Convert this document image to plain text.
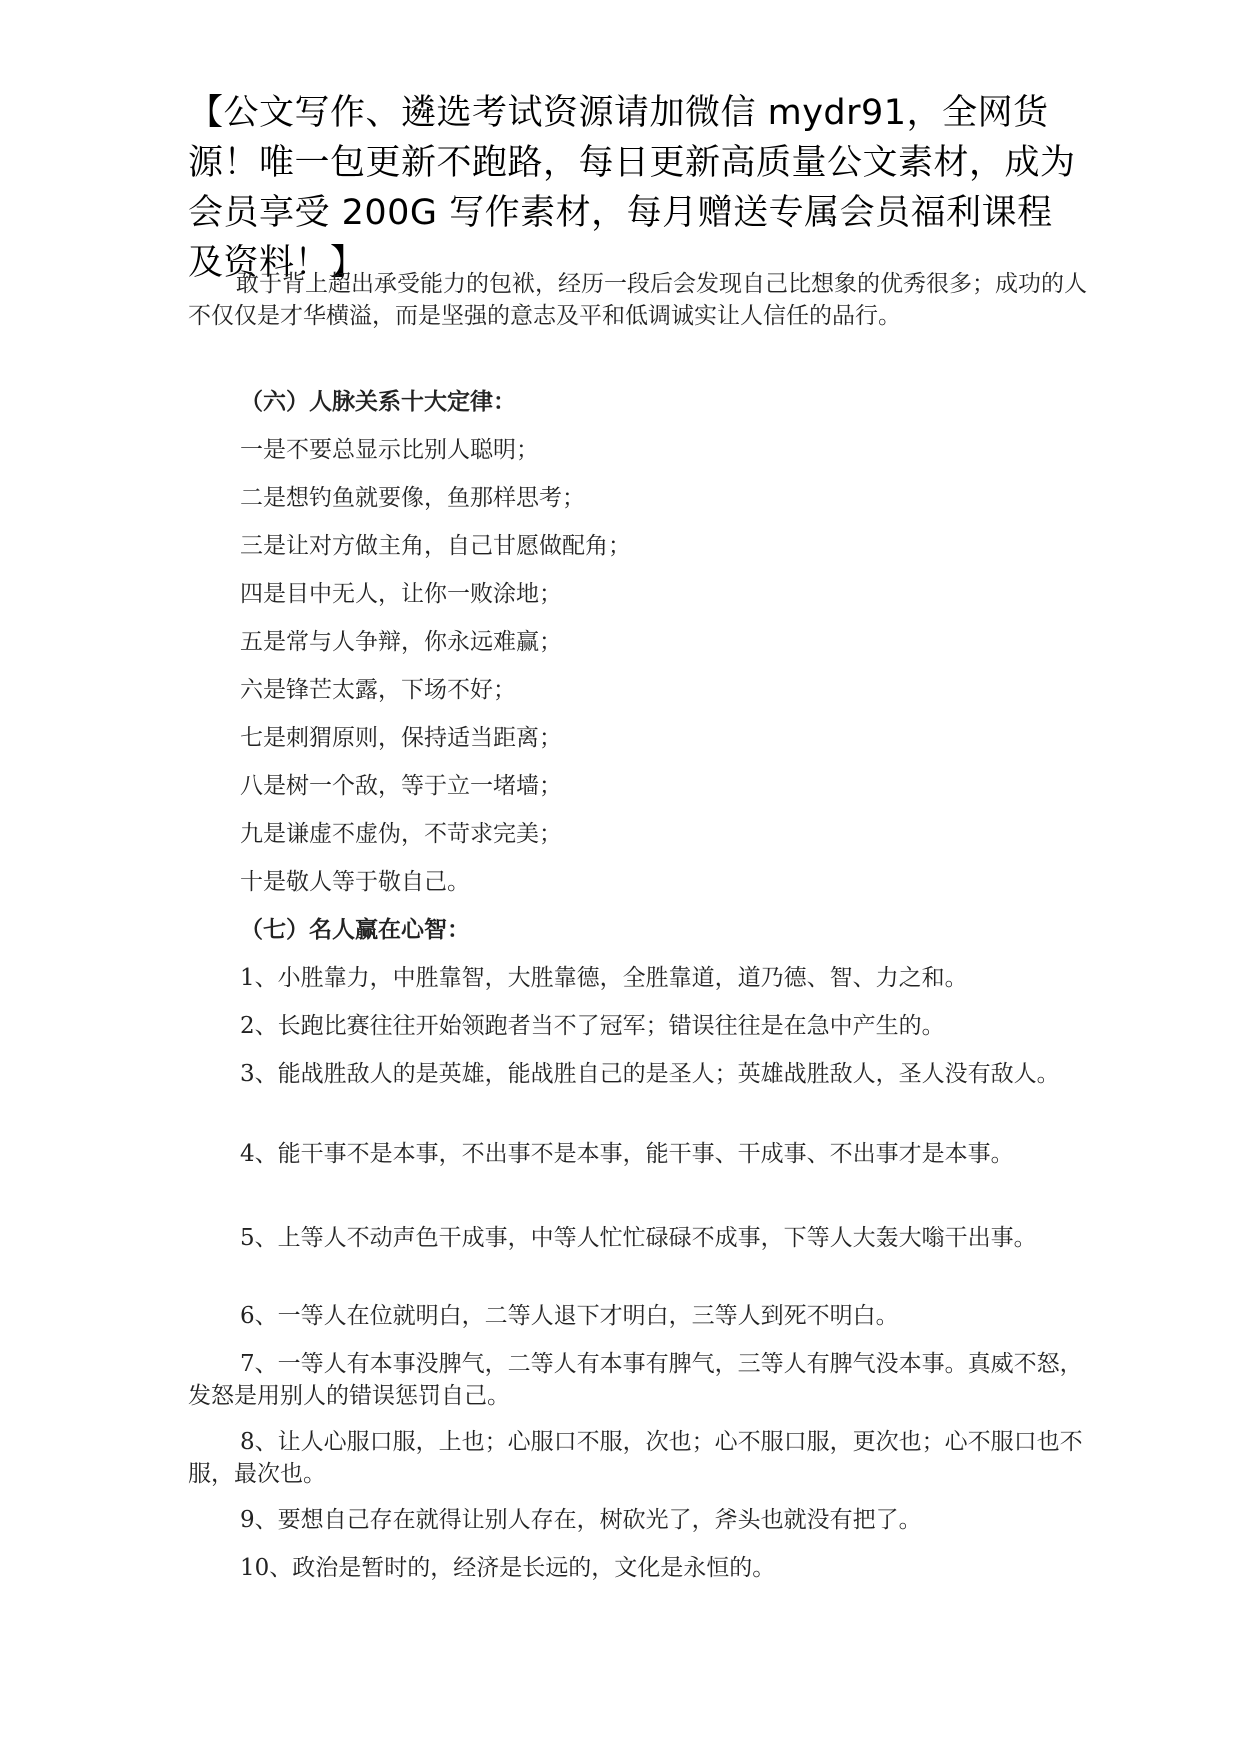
【公文写作、遴选考试资源请加微信 mydr91，全网货源！唯一包更新不跑路，每日更新高质量公文素材，成为会员享受 200G 写作素材，每月赠送专属会员福利课程及资料！】
敢于背上超出承受能力的包袱，经历一段后会发现自己比想象的优秀很多；成功的人不仅仅是才华横溢，而是坚强的意志及平和低调诚实让人信任的品行。
（六）人脉关系十大定律：
一是不要总显示比别人聪明；
二是想钓鱼就要像，鱼那样思考；
三是让对方做主角，自己甘愿做配角；
四是目中无人，让你一败涂地；
五是常与人争辩，你永远难赢；
六是锋芒太露，下场不好；
七是刺猬原则，保持适当距离；
八是树一个敌，等于立一堵墙；
九是谦虚不虚伪，不苛求完美；
十是敬人等于敬自己。
（七）名人赢在心智：
1、小胜靠力，中胜靠智，大胜靠德，全胜靠道，道乃德、智、力之和。
2、长跑比赛往往开始领跑者当不了冠军；错误往往是在急中产生的。
3、能战胜敌人的是英雄，能战胜自己的是圣人；英雄战胜敌人，圣人没有敌人。
4、能干事不是本事，不出事不是本事，能干事、干成事、不出事才是本事。
5、上等人不动声色干成事，中等人忙忙碌碌不成事，下等人大轰大嗡干出事。
6、一等人在位就明白，二等人退下才明白，三等人到死不明白。
7、一等人有本事没脾气，二等人有本事有脾气，三等人有脾气没本事。真威不怒，发怒是用别人的错误惩罚自己。
8、让人心服口服，上也；心服口不服，次也；心不服口服，更次也；心不服口也不服，最次也。
9、要想自己存在就得让别人存在，树砍光了，斧头也就没有把了。
10、政治是暂时的，经济是长远的，文化是永恒的。
